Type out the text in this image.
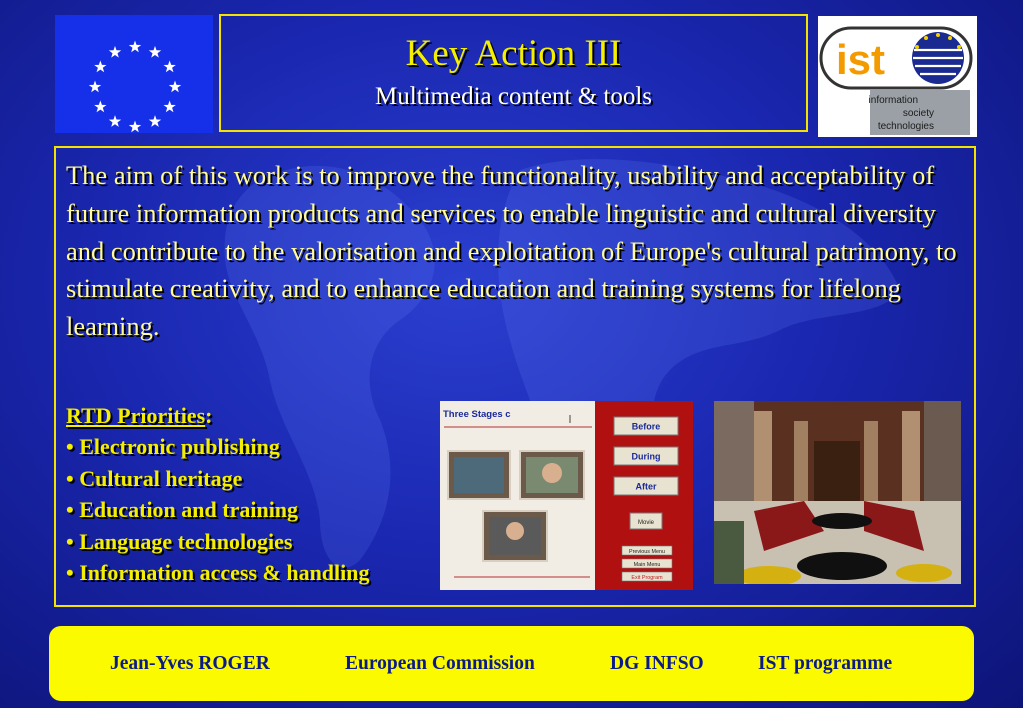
Key Action III
Multimedia content & tools
ist
information
society
technologies
The aim of this work is to improve the functionality, usability and acceptability of future information products and services to enable linguistic and cultural diversity and contribute to the valorisation and exploitation of Europe's cultural patrimony, to stimulate creativity, and to enhance education and training systems for lifelong learning.
RTD Priorities:
• Electronic publishing
• Cultural heritage
• Education and training
• Language technologies
• Information access & handling
Three Stages c
Before
During
After
Movie
Previous Menu
Main Menu
Exit Program
Jean-Yves ROGER	European Commission	DG INFSO	IST programme
